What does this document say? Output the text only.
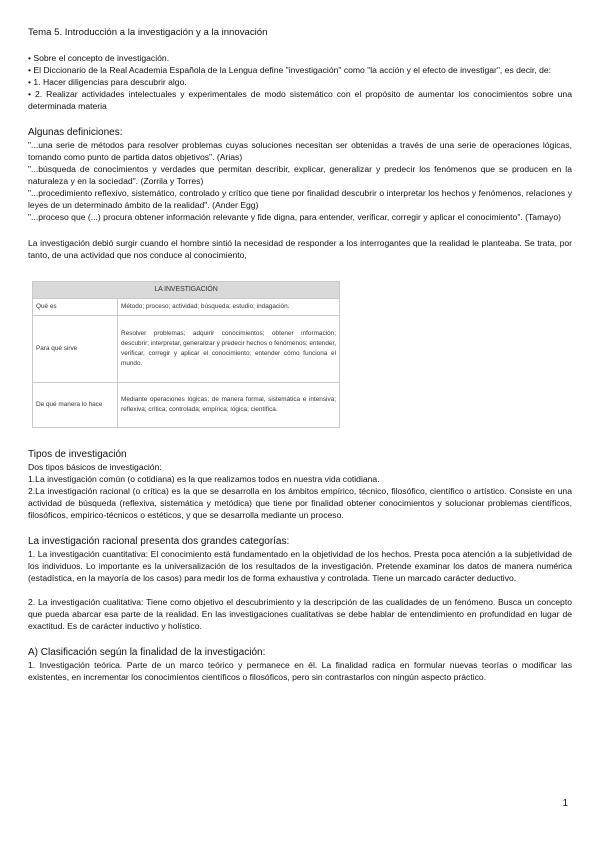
Tema 5. Introducción a la investigación y a la innovación

• Sobre el concepto de investigación.

• El Diccionario de la Real Academia Española de la Lengua define "investigación" como "la acción y el efecto de investigar", es decir, de:

• 1. Hacer diligencias para descubrir algo.

• 2. Realizar actividades intelectuales y experimentales de modo sistemático con el propósito de aumentar los conocimientos sobre una determinada materia

Algunas definiciones:

"...una serie de métodos para resolver problemas cuyas soluciones necesitan ser obtenidas a través de una serie de operaciones lógicas, tomando como punto de partida datos objetivos". (Arias)

"...búsqueda de conocimientos y verdades que permitan describir, explicar, generalizar y predecir los fenómenos que se producen en la naturaleza y en la sociedad". (Zorrila y Torres)

"...procedimiento reflexivo, sistemático, controlado y crítico que tiene por finalidad descubrir o interpretar los hechos y fenómenos, relaciones y leyes de un determinado ámbito de la realidad". (Ander Egg)

"...proceso que (...) procura obtener información relevante y fide digna, para entender, verificar, corregir y aplicar el conocimiento". (Tamayo)

La investigación debió surgir cuando el hombre sintió la necesidad de responder a los interrogantes que la realidad le planteaba. Se trata, por tanto, de una actividad que nos conduce al conocimiento,

LA INVESTIGACIÓN	
Qué es	Método; proceso; actividad; búsqueda; estudio; indagación.
Para qué sirve	Resolver problemas; adquirir conocimientos; obtener información; descubrir; interpretar, generalizar y predecir hechos o fenómenos; entender, verificar, corregir y aplicar el conocimiento; entender cómo funciona el mundo.
De qué manera lo hace	Mediante operaciones lógicas; de manera formal, sistemática e intensiva; reflexiva; crítica; controlada; empírica; lógica; científica.
Tipos de investigación

Dos tipos básicos de investigación:

1.La investigación común (o cotidiana) es la que realizamos todos en nuestra vida cotidiana.

2.La investigación racional (o crítica) es la que se desarrolla en los ámbitos empírico, técnico, filosófico, científico o artístico. Consiste en una actividad de búsqueda (reflexiva, sistemática y metódica) que tiene por finalidad obtener conocimientos y solucionar problemas científicos, filosóficos, empírico-técnicos o estéticos, y que se desarrolla mediante un proceso.

La investigación racional presenta dos grandes categorías:

1. La investigación cuantitativa: El conocimiento está fundamentado en la objetividad de los hechos. Presta poca atención a la subjetividad de los individuos. Lo importante es la universalización de los resultados de la investigación. Pretende examinar los datos de manera numérica (estadística, en la mayoría de los casos) para medir los de forma exhaustiva y controlada. Tiene un marcado carácter deductivo.

2. La investigación cualitativa: Tiene como objetivo el descubrimiento y la descripción de las cualidades de un fenómeno. Busca un concepto que pueda abarcar esa parte de la realidad. En las investigaciones cualitativas se debe hablar de entendimiento en profundidad en lugar de exactitud. Es de carácter inductivo y holístico.

A) Clasificación según la finalidad de la investigación:

1. Investigación teórica. Parte de un marco teórico y permanece en él. La finalidad radica en formular nuevas teorías o modificar las existentes, en incrementar los conocimientos científicos o filosóficos, pero sin contrastarlos con ningún aspecto práctico.

1
